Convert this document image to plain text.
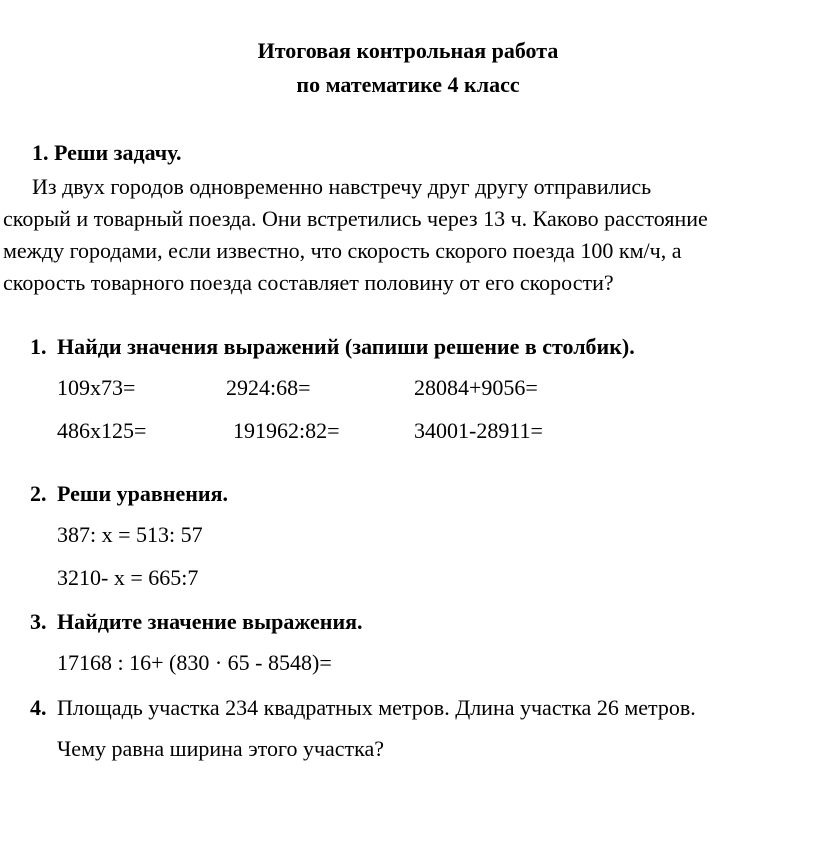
Итоговая контрольная работа
по математике 4 класс
1. Реши задачу.
Из двух городов одновременно навстречу друг другу отправились
скорый и товарный поезда. Они встретились через 13 ч. Каково расстояние
между городами, если известно, что скорость скорого поезда 100 км/ч, а
скорость товарного поезда составляет половину от его скорости?
1. Найди значения выражений (запиши решение в столбик).
109х73=	2924:68=	28084+9056=
486х125=	191962:82=	34001-28911=
2. Реши уравнения.
387: х = 513: 57
3210- х = 665:7
3. Найдите значение выражения.
17168 : 16+ (830 · 65 - 8548)=
4. Площадь участка 234 квадратных метров. Длина участка 26 метров.
Чему равна ширина этого участка?
